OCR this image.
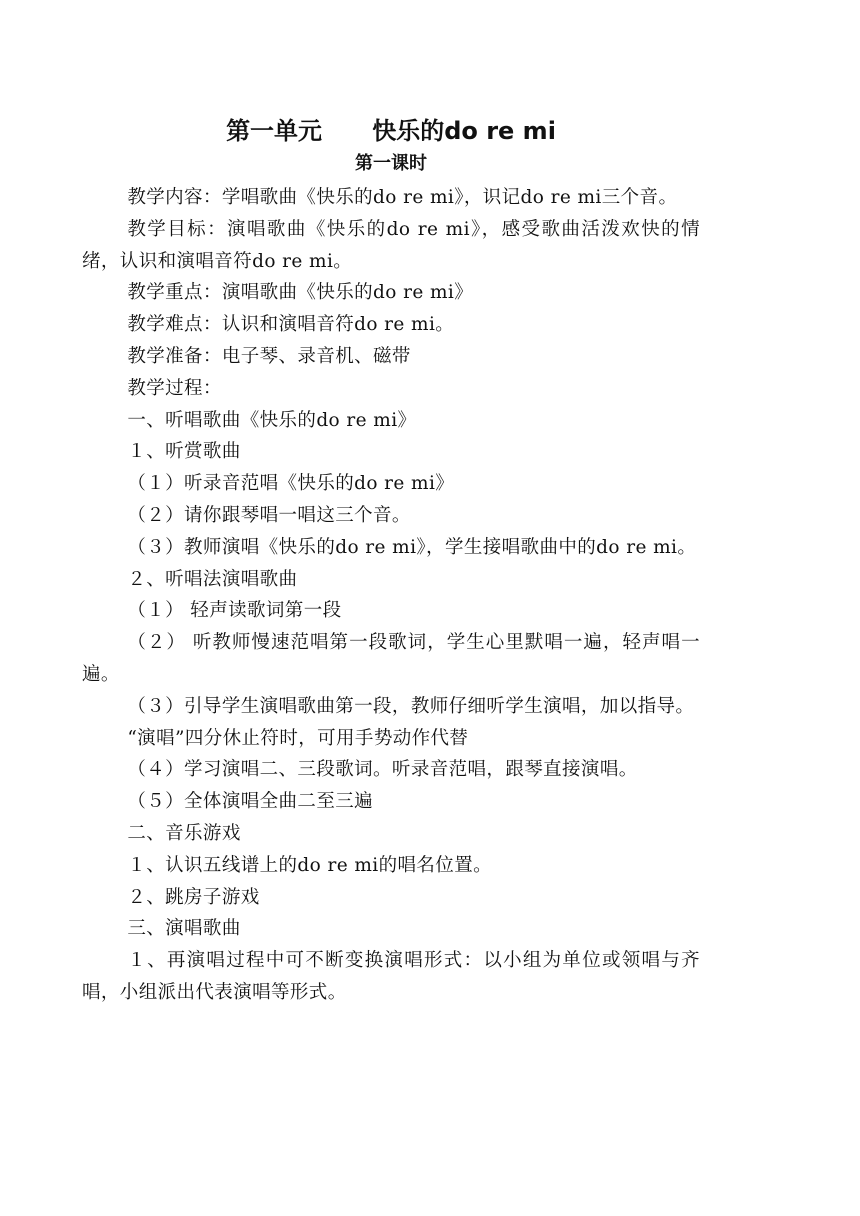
第一单元      快乐的do re mi
第一课时

教学内容：学唱歌曲《快乐的do re mi》，识记do re mi三个音。

教学目标：演唱歌曲《快乐的do re mi》，感受歌曲活泼欢快的情绪，认识和演唱音符do re mi。

教学重点：演唱歌曲《快乐的do re mi》

教学难点：认识和演唱音符do re mi。

教学准备：电子琴、录音机、磁带

教学过程：

一、听唱歌曲《快乐的do re mi》

１、听赏歌曲

（１）听录音范唱《快乐的do re mi》

（２）请你跟琴唱一唱这三个音。

（３）教师演唱《快乐的do re mi》，学生接唱歌曲中的do re mi。

２、听唱法演唱歌曲

（１） 轻声读歌词第一段

（２） 听教师慢速范唱第一段歌词，学生心里默唱一遍，轻声唱一遍。

（３）引导学生演唱歌曲第一段，教师仔细听学生演唱，加以指导。

“演唱”四分休止符时，可用手势动作代替

（４）学习演唱二、三段歌词。听录音范唱，跟琴直接演唱。

（５）全体演唱全曲二至三遍

二、音乐游戏

１、认识五线谱上的do re mi的唱名位置。

２、跳房子游戏

三、演唱歌曲

１、再演唱过程中可不断变换演唱形式：以小组为单位或领唱与齐唱，小组派出代表演唱等形式。
